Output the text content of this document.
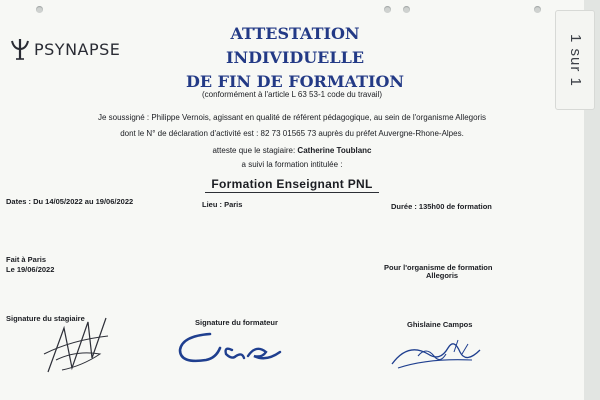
PSYNAPSE
ATTESTATION INDIVIDUELLE
DE FIN DE FORMATION
(conformément à l'article L 63 53-1 code du travail)
Je soussigné : Philippe Vernois, agissant en qualité de référent pédagogique, au sein de l'organisme Allegoris
dont le N° de déclaration d'activité est : 82 73 01565 73 auprès du préfet Auvergne-Rhone-Alpes.
atteste que le stagiaire: Catherine Toublanc
a suivi la formation intitulée :
Formation Enseignant PNL
Dates : Du 14/05/2022 au 19/06/2022	Lieu : Paris	Durée : 135h00 de formation
Fait à Paris
Le 19/06/2022	Pour l'organisme de formation
Allegoris
Signature du stagiaire	Signature du formateur	Ghislaine Campos
1 sur 1
